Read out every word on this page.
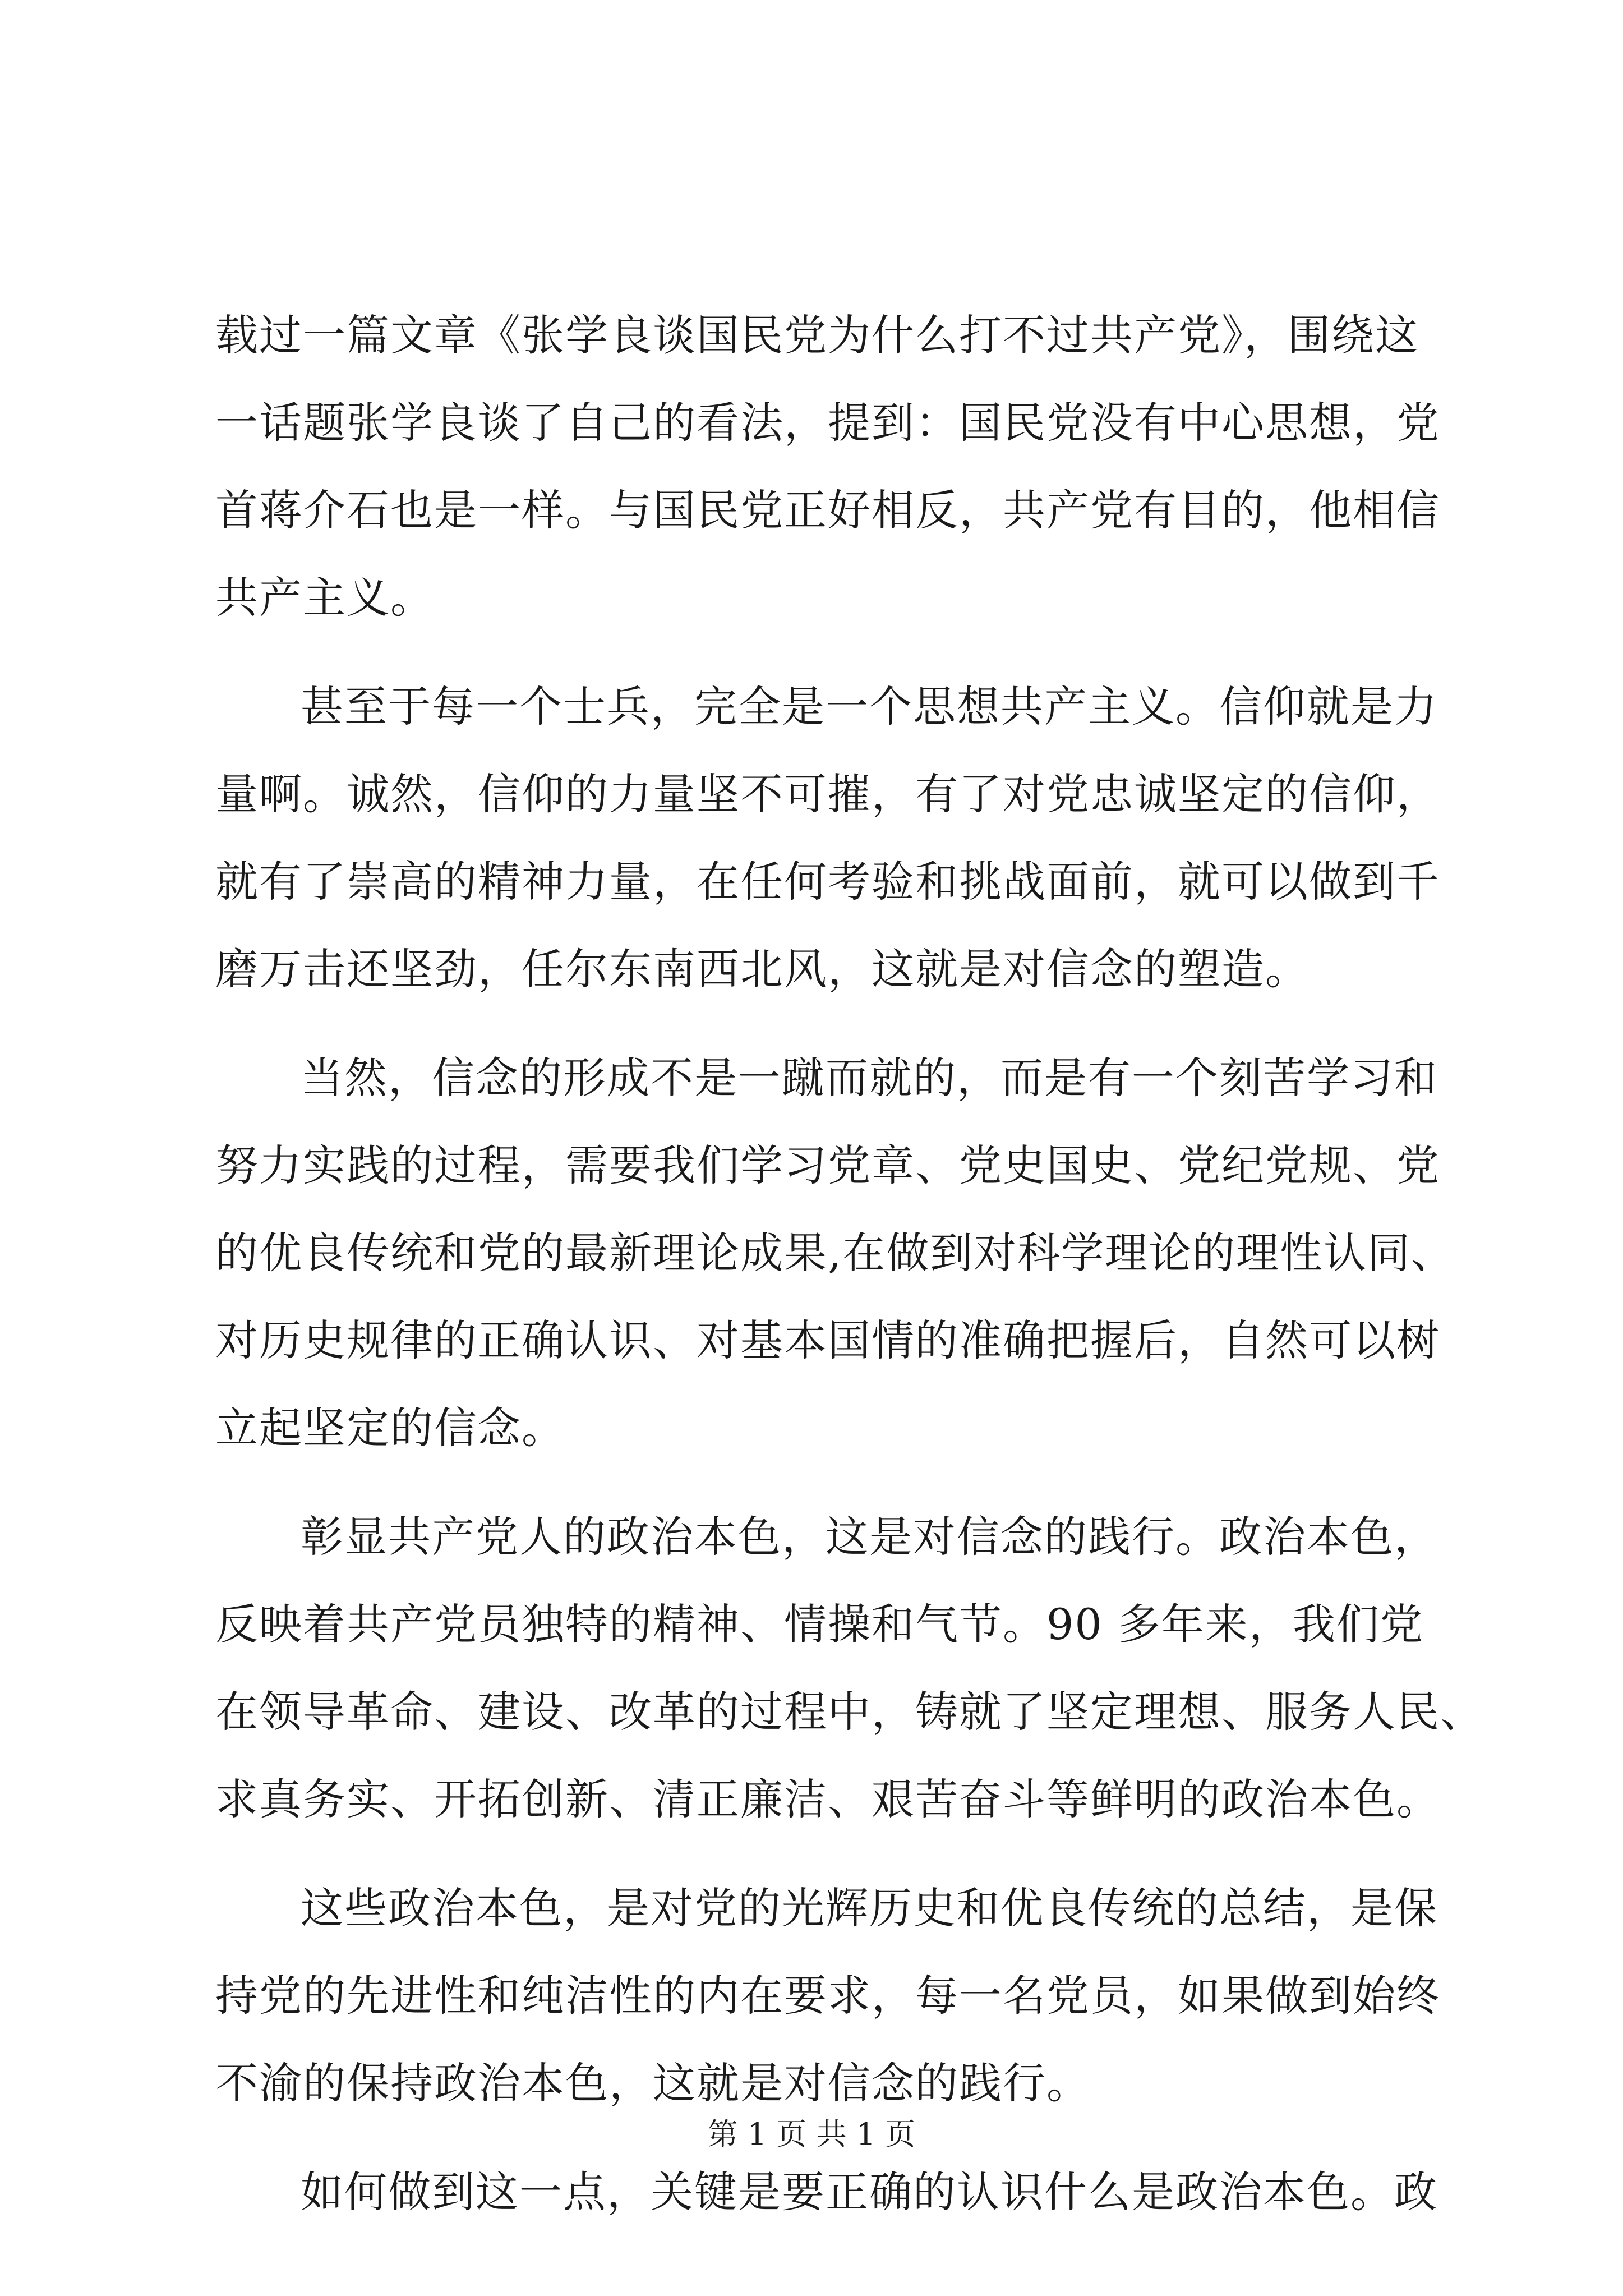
载过一篇文章《张学良谈国民党为什么打不过共产党》，围绕这
一话题张学良谈了自己的看法，提到：国民党没有中心思想，党
首蒋介石也是一样。与国民党正好相反，共产党有目的，他相信
共产主义。
甚至于每一个士兵，完全是一个思想共产主义。信仰就是力
量啊。诚然，信仰的力量坚不可摧，有了对党忠诚坚定的信仰，
就有了崇高的精神力量，在任何考验和挑战面前，就可以做到千
磨万击还坚劲，任尔东南西北风，这就是对信念的塑造。
当然，信念的形成不是一蹴而就的，而是有一个刻苦学习和
努力实践的过程，需要我们学习党章、党史国史、党纪党规、党
的优良传统和党的最新理论成果,在做到对科学理论的理性认同、
对历史规律的正确认识、对基本国情的准确把握后，自然可以树
立起坚定的信念。
彰显共产党人的政治本色，这是对信念的践行。政治本色，
反映着共产党员独特的精神、情操和气节。90 多年来，我们党
在领导革命、建设、改革的过程中，铸就了坚定理想、服务人民、
求真务实、开拓创新、清正廉洁、艰苦奋斗等鲜明的政治本色。
这些政治本色，是对党的光辉历史和优良传统的总结，是保
持党的先进性和纯洁性的内在要求，每一名党员，如果做到始终
不渝的保持政治本色，这就是对信念的践行。
如何做到这一点，关键是要正确的认识什么是政治本色。政
第 1 页 共 1 页
